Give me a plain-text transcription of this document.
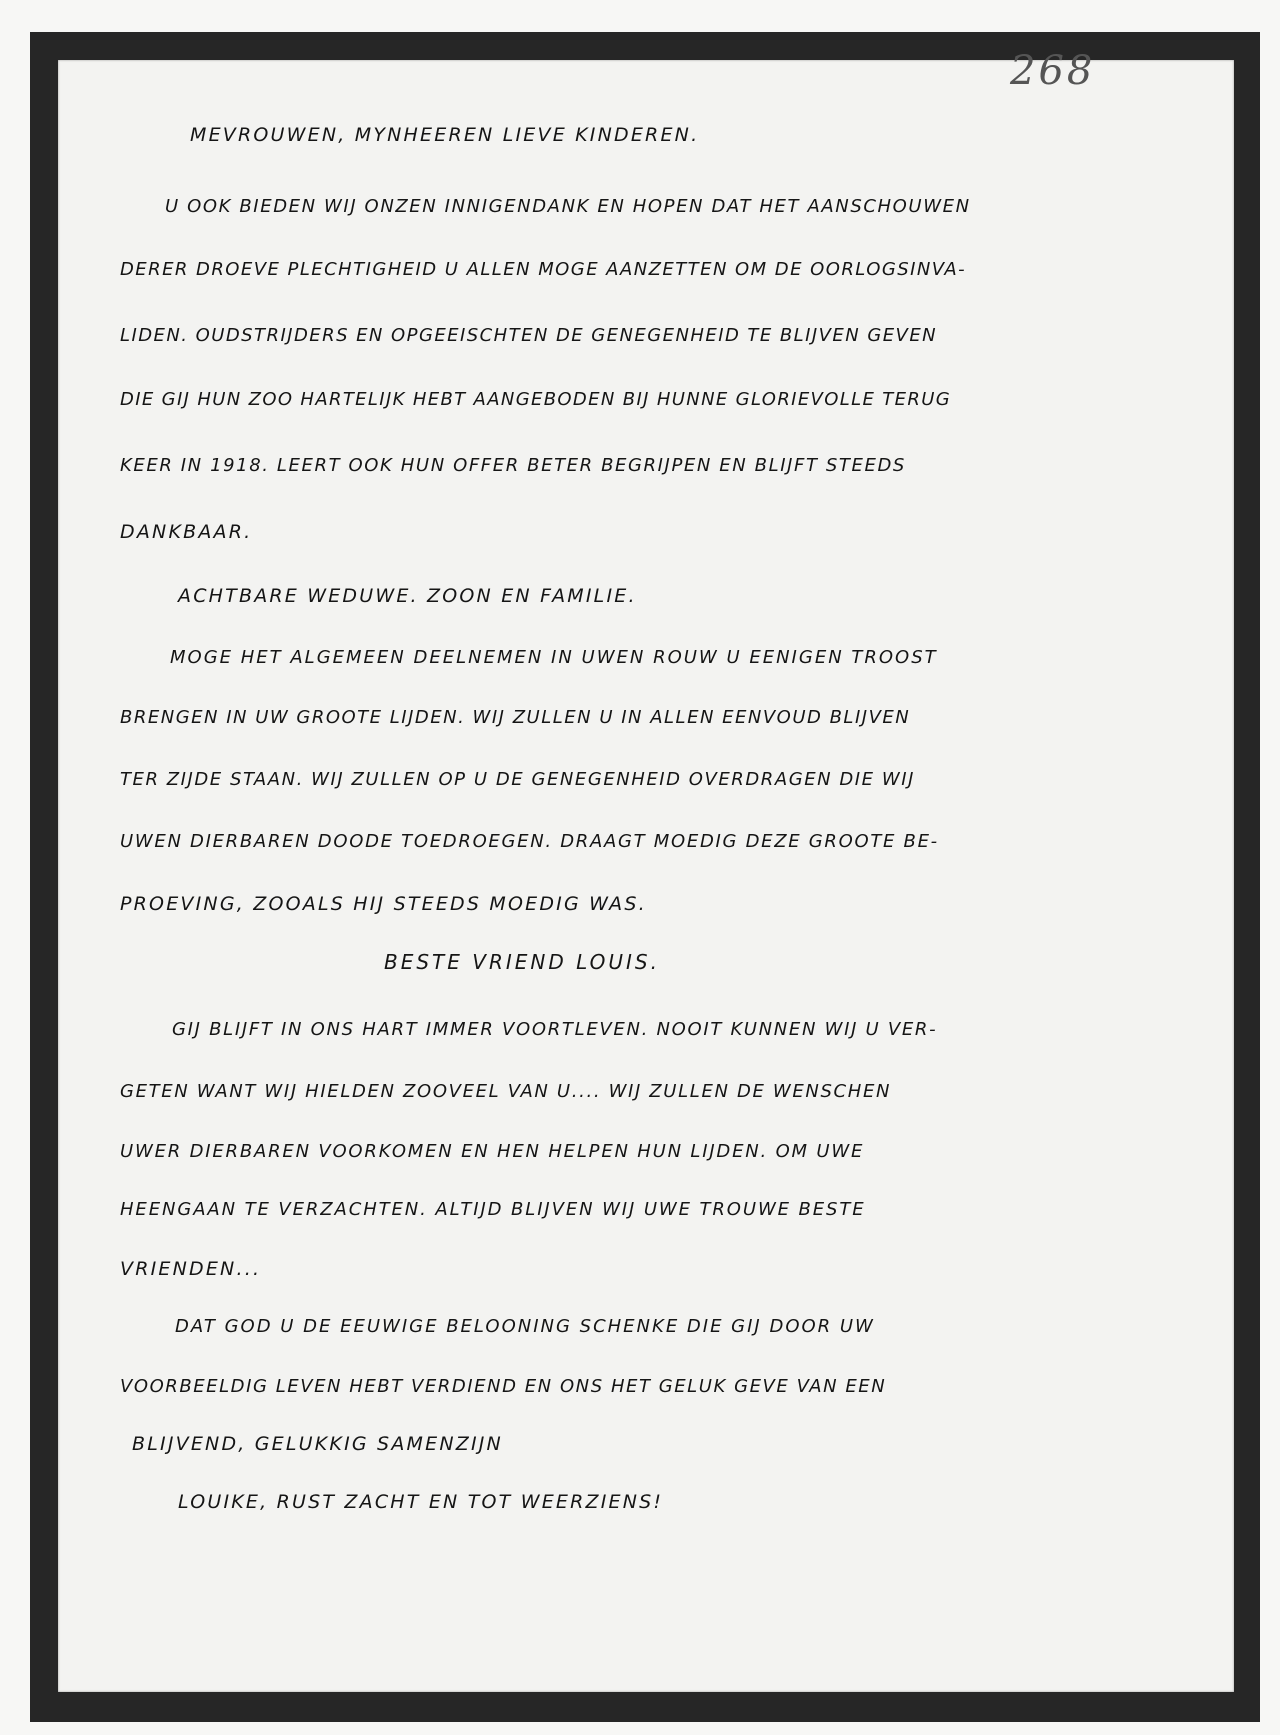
268
MEVROUWEN, MYNHEEREN LIEVE KINDEREN.
U OOK BIEDEN WIJ ONZEN INNIGENDANK EN HOPEN DAT HET AANSCHOUWEN
DERER DROEVE PLECHTIGHEID U ALLEN MOGE AANZETTEN OM DE OORLOGSINVA-
LIDEN. OUDSTRIJDERS EN OPGEEISCHTEN DE GENEGENHEID TE BLIJVEN GEVEN
DIE GIJ HUN ZOO HARTELIJK HEBT AANGEBODEN BIJ HUNNE GLORIEVOLLE TERUG
KEER IN 1918. LEERT OOK HUN OFFER BETER BEGRIJPEN EN BLIJFT STEEDS
DANKBAAR.
ACHTBARE WEDUWE. ZOON EN FAMILIE.
MOGE HET ALGEMEEN DEELNEMEN IN UWEN ROUW U EENIGEN TROOST
BRENGEN IN UW GROOTE LIJDEN. WIJ ZULLEN U IN ALLEN EENVOUD BLIJVEN
TER ZIJDE STAAN. WIJ ZULLEN OP U DE GENEGENHEID OVERDRAGEN DIE WIJ
UWEN DIERBAREN DOODE TOEDROEGEN. DRAAGT MOEDIG DEZE GROOTE BE-
PROEVING, ZOOALS HIJ STEEDS MOEDIG WAS.
BESTE VRIEND LOUIS.
GIJ BLIJFT IN ONS HART IMMER VOORTLEVEN. NOOIT KUNNEN WIJ U VER-
GETEN WANT WIJ HIELDEN ZOOVEEL VAN U.... WIJ ZULLEN DE WENSCHEN
UWER DIERBAREN VOORKOMEN EN HEN HELPEN HUN LIJDEN. OM UWE
HEENGAAN TE VERZACHTEN. ALTIJD BLIJVEN WIJ UWE TROUWE BESTE
VRIENDEN...
DAT GOD U DE EEUWIGE BELOONING SCHENKE DIE GIJ DOOR UW
VOORBEELDIG LEVEN HEBT VERDIEND EN ONS HET GELUK GEVE VAN EEN
BLIJVEND, GELUKKIG SAMENZIJN
LOUIKE, RUST ZACHT EN TOT WEERZIENS!
